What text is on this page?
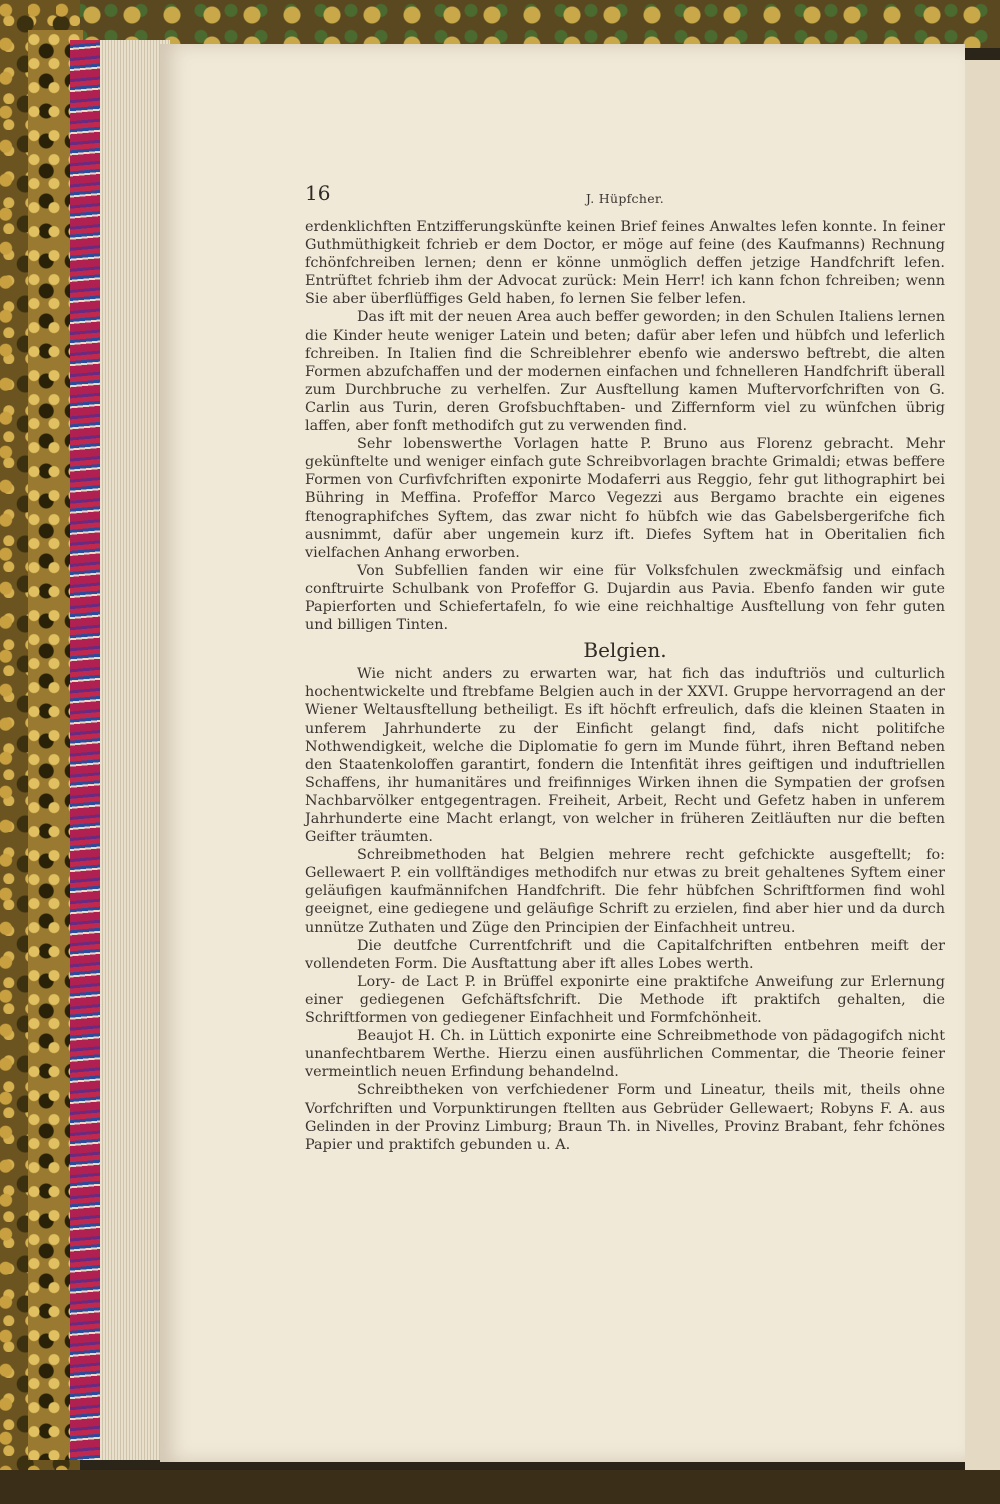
16	J. Hüpfcher.

erdenklichften Entzifferungskünfte keinen Brief feines Anwaltes lefen konnte. In feiner Guthmüthigkeit fchrieb er dem Doctor, er möge auf feine (des Kaufmanns) Rechnung fchönfchreiben lernen; denn er könne unmöglich deffen jetzige Handfchrift lefen. Entrüftet fchrieb ihm der Advocat zurück: Mein Herr! ich kann fchon fchreiben; wenn Sie aber überflüffiges Geld haben, fo lernen Sie felber lefen.

Das ift mit der neuen Area auch beffer geworden; in den Schulen Italiens lernen die Kinder heute weniger Latein und beten; dafür aber lefen und hübfch und leferlich fchreiben. In Italien find die Schreiblehrer ebenfo wie anderswo beftrebt, die alten Formen abzufchaffen und der modernen einfachen und fchnelleren Handfchrift überall zum Durchbruche zu verhelfen. Zur Ausftellung kamen Muftervorfchriften von G. Carlin aus Turin, deren Grofsbuchftaben- und Ziffernform viel zu wünfchen übrig laffen, aber fonft methodifch gut zu verwenden find.

Sehr lobenswerthe Vorlagen hatte P. Bruno aus Florenz gebracht. Mehr gekünftelte und weniger einfach gute Schreibvorlagen brachte Grimaldi; etwas beffere Formen von Curfivfchriften exponirte Modaferri aus Reggio, fehr gut lithographirt bei Bühring in Meffina. Profeffor Marco Vegezzi aus Bergamo brachte ein eigenes ftenographifches Syftem, das zwar nicht fo hübfch wie das Gabelsbergerifche fich ausnimmt, dafür aber ungemein kurz ift. Diefes Syftem hat in Oberitalien fich vielfachen Anhang erworben.

Von Subfellien fanden wir eine für Volksfchulen zweckmäfsig und einfach conftruirte Schulbank von Profeffor G. Dujardin aus Pavia. Ebenfo fanden wir gute Papierforten und Schiefertafeln, fo wie eine reichhaltige Ausftellung von fehr guten und billigen Tinten.

Belgien.

Wie nicht anders zu erwarten war, hat fich das induftriös und culturlich hochentwickelte und ftrebfame Belgien auch in der XXVI. Gruppe hervorragend an der Wiener Weltausftellung betheiligt. Es ift höchft erfreulich, dafs die kleinen Staaten in unferem Jahrhunderte zu der Einficht gelangt find, dafs nicht politifche Nothwendigkeit, welche die Diplomatie fo gern im Munde führt, ihren Beftand neben den Staatenkoloffen garantirt, fondern die Intenfität ihres geiftigen und induftriellen Schaffens, ihr humanitäres und freifinniges Wirken ihnen die Sympatien der grofsen Nachbarvölker entgegentragen. Freiheit, Arbeit, Recht und Gefetz haben in unferem Jahrhunderte eine Macht erlangt, von welcher in früheren Zeitläuften nur die beften Geifter träumten.

Schreibmethoden hat Belgien mehrere recht gefchickte ausgeftellt; fo: Gellewaert P. ein vollftändiges methodifch nur etwas zu breit gehaltenes Syftem einer geläufigen kaufmännifchen Handfchrift. Die fehr hübfchen Schriftformen find wohl geeignet, eine gediegene und geläufige Schrift zu erzielen, find aber hier und da durch unnütze Zuthaten und Züge den Principien der Einfachheit untreu.

Die deutfche Currentfchrift und die Capitalfchriften entbehren meift der vollendeten Form. Die Ausftattung aber ift alles Lobes werth.

Lory- de Lact P. in Brüffel exponirte eine praktifche Anweifung zur Erlernung einer gediegenen Gefchäftsfchrift. Die Methode ift praktifch gehalten, die Schriftformen von gediegener Einfachheit und Formfchönheit.

Beaujot H. Ch. in Lüttich exponirte eine Schreibmethode von pädagogifch nicht unanfechtbarem Werthe. Hierzu einen ausführlichen Commentar, die Theorie feiner vermeintlich neuen Erfindung behandelnd.

Schreibtheken von verfchiedener Form und Lineatur, theils mit, theils ohne Vorfchriften und Vorpunktirungen ftellten aus Gebrüder Gellewaert; Robyns F. A. aus Gelinden in der Provinz Limburg; Braun Th. in Nivelles, Provinz Brabant, fehr fchönes Papier und praktifch gebunden u. A.
